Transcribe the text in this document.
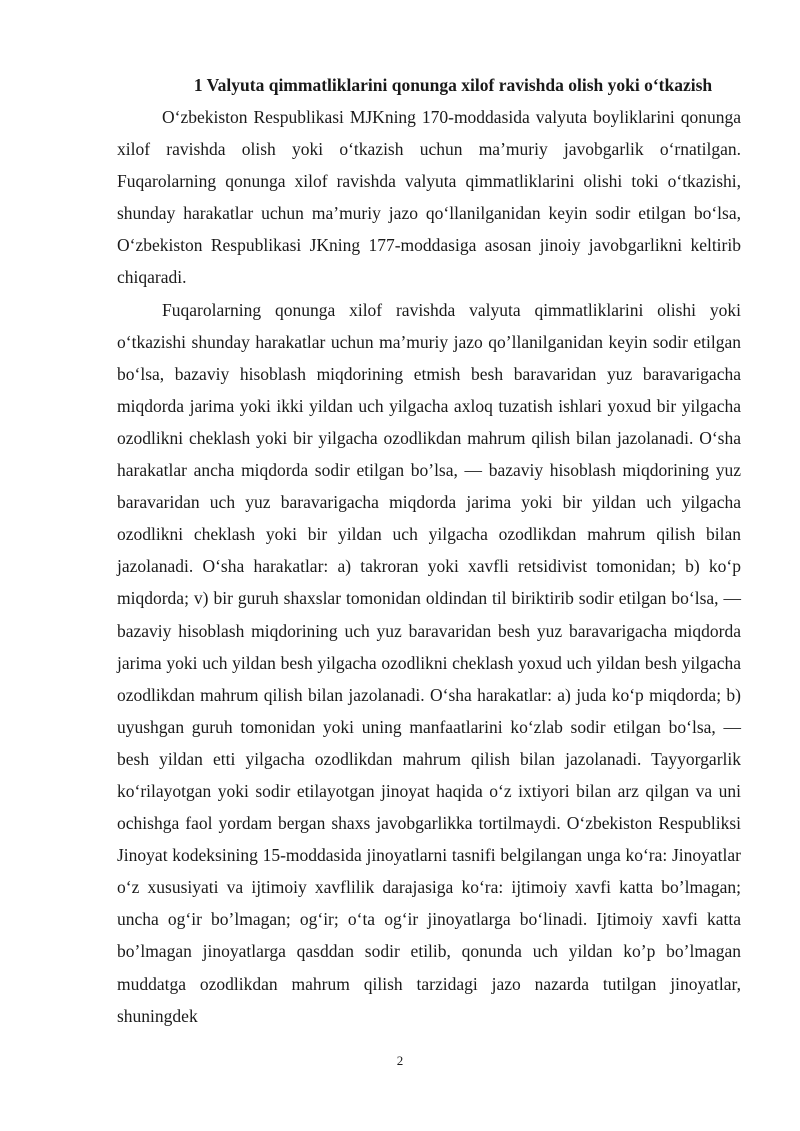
1 Valyuta qimmatliklarini qonunga xilof ravishda olish yoki o‘tkazish

O‘zbekiston Respublikasi MJKning 170-moddasida valyuta boyliklarini qonunga xilof ravishda olish yoki o‘tkazish uchun ma’muriy javobgarlik o‘rnatilgan. Fuqarolarning qonunga xilof ravishda valyuta qimmatliklarini olishi toki o‘tkazishi, shunday harakatlar uchun ma’muriy jazo qo‘llanilganidan keyin sodir etilgan bo‘lsa, O‘zbekiston Respublikasi JKning 177-moddasiga asosan jinoiy javobgarlikni keltirib chiqaradi.

Fuqarolarning qonunga xilof ravishda valyuta qimmatliklarini olishi yoki o‘tkazishi shunday harakatlar uchun ma’muriy jazo qo’llanilganidan keyin sodir etilgan bo‘lsa, bazaviy hisoblash miqdorining etmish besh baravaridan yuz baravarigacha miqdorda jarima yoki ikki yildan uch yilgacha axloq tuzatish ishlari yoxud bir yilgacha ozodlikni cheklash yoki bir yilgacha ozodlikdan mahrum qilish bilan jazolanadi. O‘sha harakatlar ancha miqdorda sodir etilgan bo’lsa, — bazaviy hisoblash miqdorining yuz baravaridan uch yuz baravarigacha miqdorda jarima yoki bir yildan uch yilgacha ozodlikni cheklash yoki bir yildan uch yilgacha ozodlikdan mahrum qilish bilan jazolanadi. O‘sha harakatlar: a) takroran yoki xavfli retsidivist tomonidan; b) ko‘p miqdorda; v) bir guruh shaxslar tomonidan oldindan til biriktirib sodir etilgan bo‘lsa, — bazaviy hisoblash miqdorining uch yuz baravaridan besh yuz baravarigacha miqdorda jarima yoki uch yildan besh yilgacha ozodlikni cheklash yoxud uch yildan besh yilgacha ozodlikdan mahrum qilish bilan jazolanadi. O‘sha harakatlar: a) juda ko‘p miqdorda; b) uyushgan guruh tomonidan yoki uning manfaatlarini ko‘zlab sodir etilgan bo‘lsa, — besh yildan etti yilgacha ozodlikdan mahrum qilish bilan jazolanadi. Tayyorgarlik ko‘rilayotgan yoki sodir etilayotgan jinoyat haqida o‘z ixtiyori bilan arz qilgan va uni ochishga faol yordam bergan shaxs javobgarlikka tortilmaydi. O‘zbekiston Respubliksi Jinoyat kodeksining 15-moddasida jinoyatlarni tasnifi belgilangan unga ko‘ra: Jinoyatlar o‘z xususiyati va ijtimoiy xavflilik darajasiga ko‘ra: ijtimoiy xavfi katta bo’lmagan; uncha og‘ir bo’lmagan; og‘ir; o‘ta og‘ir jinoyatlarga bo‘linadi. Ijtimoiy xavfi katta bo’lmagan jinoyatlarga qasddan sodir etilib, qonunda uch yildan ko’p bo’lmagan muddatga ozodlikdan mahrum qilish tarzidagi jazo nazarda tutilgan jinoyatlar, shuningdek

2
